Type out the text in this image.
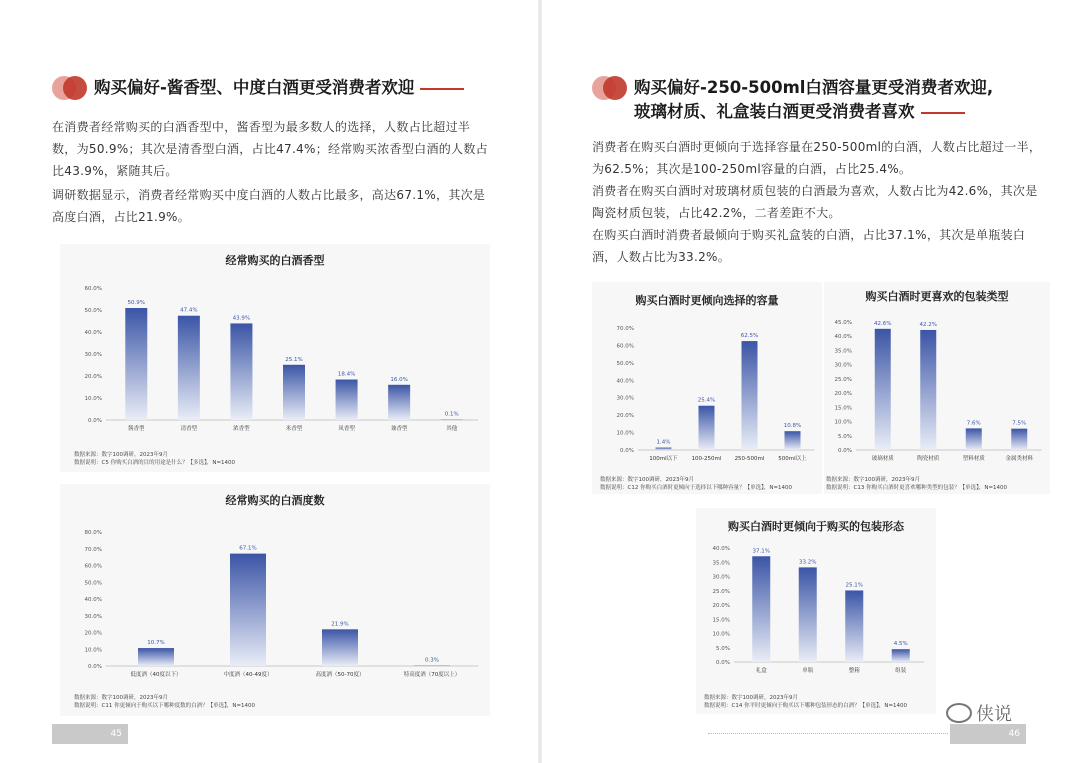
购买偏好-酱香型、中度白酒更受消费者欢迎
在消费者经常购买的白酒香型中，酱香型为最多数人的选择，人数占比超过半数，为50.9%；其次是清香型白酒，占比47.4%；经常购买浓香型白酒的人数占比43.9%，紧随其后。
调研数据显示，消费者经常购买中度白酒的人数占比最多，高达67.1%，其次是高度白酒，占比21.9%。
经常购买的白酒香型
0.0%
10.0%
20.0%
30.0%
40.0%
50.0%
60.0%
50.9%
酱香型
47.4%
清香型
43.9%
浓香型
25.1%
米香型
18.4%
凤香型
16.0%
兼香型
0.1%
其他
数据来源：数字100调研，2023年9月
数据说明：C5 你购买白酒的目的用途是什么？【多选】，N=1400
经常购买的白酒度数
0.0%
10.0%
20.0%
30.0%
40.0%
50.0%
60.0%
70.0%
80.0%
10.7%
低度酒（40度以下）
67.1%
中度酒（40-49度）
21.9%
高度酒（50-70度）
0.3%
特高度酒（70度以上）
数据来源：数字100调研，2023年9月
数据说明：C11 你更倾向于购买以下哪种度数的白酒？【单选】，N=1400
45
购买偏好-250-500ml白酒容量更受消费者欢迎,
玻璃材质、礼盒装白酒更受消费者喜欢
消费者在购买白酒时更倾向于选择容量在250-500ml的白酒，人数占比超过一半，为62.5%；其次是100-250ml容量的白酒，占比25.4%。
消费者在购买白酒时对玻璃材质包装的白酒最为喜欢，人数占比为42.6%，其次是陶瓷材质包装，占比42.2%，二者差距不大。
在购买白酒时消费者最倾向于购买礼盒装的白酒，占比37.1%，其次是单瓶装白酒，人数占比为33.2%。
购买白酒时更倾向选择的容量
0.0%
10.0%
20.0%
30.0%
40.0%
50.0%
60.0%
70.0%
1.4%
100ml以下
25.4%
100-250ml
62.5%
250-500ml
10.8%
500ml以上
数据来源：数字100调研，2023年9月
数据说明：C12 你购买白酒时更倾向于选择以下哪种容量？【单选】，N=1400
购买白酒时更喜欢的包装类型
0.0%
5.0%
10.0%
15.0%
20.0%
25.0%
30.0%
35.0%
40.0%
45.0%	42.6%
玻璃材质
42.2%
陶瓷材质
7.6%
塑料材质
7.5%
金属类材料
数据来源：数字100调研，2023年9月
数据说明：C13 你购买白酒时更喜欢哪种类型的包装？【单选】，N=1400
购买白酒时更倾向于购买的包装形态
0.0%
5.0%
10.0%
15.0%
20.0%
25.0%
30.0%
35.0%
40.0%	37.1%
礼盒
33.2%
单瓶
25.1%
整箱
4.5%
组装
数据来源：数字100调研，2023年9月
数据说明：C14 你平时更倾向于购买以下哪种包装形态的白酒？【单选】，N=1400
46
侠说
